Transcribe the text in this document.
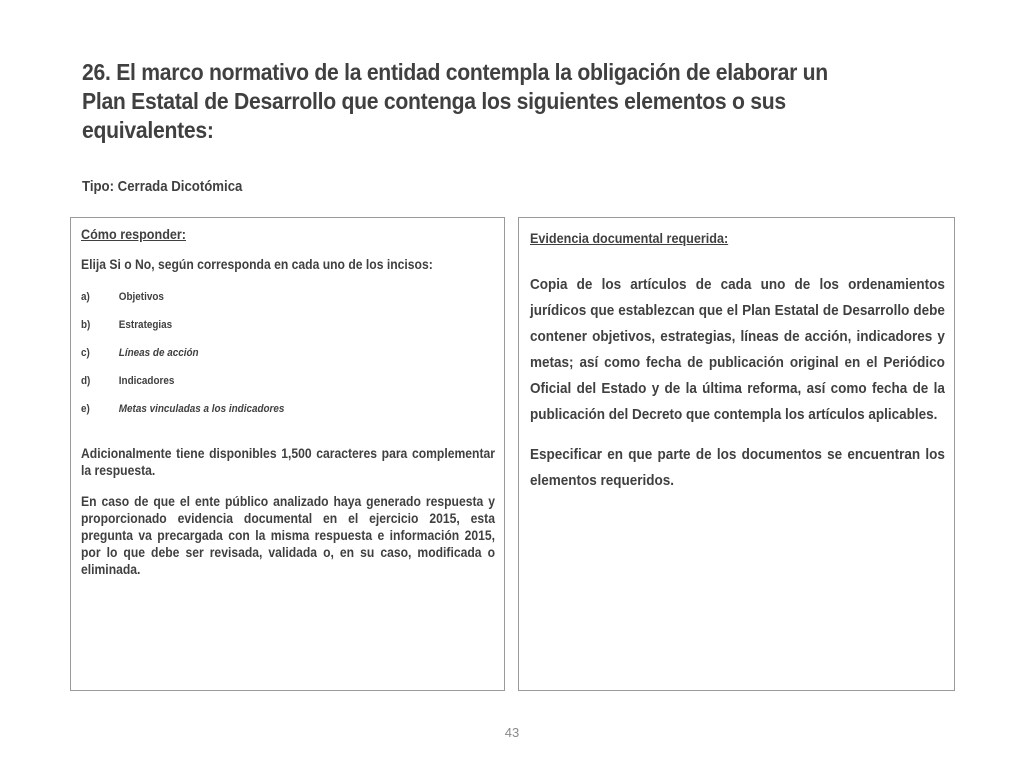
26. El marco normativo de la entidad contempla la obligación de elaborar un Plan Estatal de Desarrollo que contenga los siguientes elementos o sus equivalentes:

Tipo: Cerrada Dicotómica

Cómo responder:

Elija Si o No, según corresponda en cada uno de los incisos:

a)	Objetivos
b)	Estrategias
c)	Líneas de acción
d)	Indicadores
e)	Metas vinculadas a los indicadores

Adicionalmente tiene disponibles 1,500 caracteres para complementar la respuesta.

En caso de que el ente público analizado haya generado respuesta y proporcionado evidencia documental en el ejercicio 2015, esta pregunta va precargada con la misma respuesta e información 2015, por lo que debe ser revisada, validada o, en su caso, modificada o eliminada.

Evidencia documental requerida:

Copia de los artículos de cada uno de los ordenamientos jurídicos que establezcan que el Plan Estatal de Desarrollo debe contener objetivos, estrategias, líneas de acción, indicadores y metas; así como fecha de publicación original en el Periódico Oficial del Estado y de la última reforma, así como fecha de la publicación del Decreto que contempla los artículos aplicables.

Especificar en que parte de los documentos se encuentran los elementos requeridos.

43
